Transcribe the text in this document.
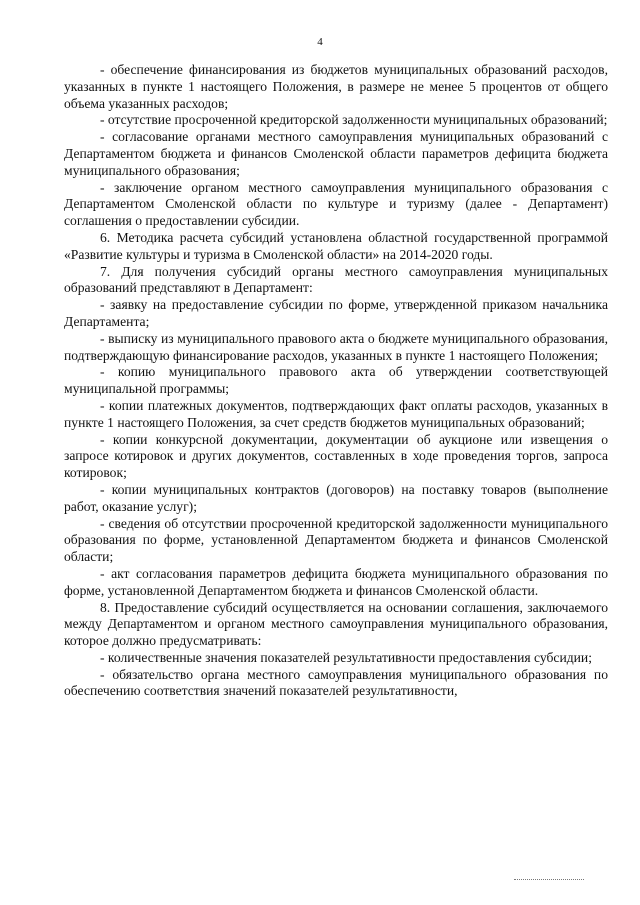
4

- обеспечение финансирования из бюджетов муниципальных образований расходов, указанных в пункте 1 настоящего Положения, в размере не менее 5 процентов от общего объема указанных расходов;

- отсутствие просроченной кредиторской задолженности муниципальных образований;

- согласование органами местного самоуправления муниципальных образований с Департаментом бюджета и финансов Смоленской области параметров дефицита бюджета муниципального образования;

- заключение органом местного самоуправления муниципального образования с Департаментом Смоленской области по культуре и туризму (далее - Департамент) соглашения о предоставлении субсидии.

6. Методика расчета субсидий установлена областной государственной программой «Развитие культуры и туризма в Смоленской области» на 2014-2020 годы.

7. Для получения субсидий органы местного самоуправления муниципальных образований представляют в Департамент:

- заявку на предоставление субсидии по форме, утвержденной приказом начальника Департамента;

- выписку из муниципального правового акта о бюджете муниципального образования, подтверждающую финансирование расходов, указанных в пункте 1 настоящего Положения;

- копию муниципального правового акта об утверждении соответствующей муниципальной программы;

- копии платежных документов, подтверждающих факт оплаты расходов, указанных в пункте 1 настоящего Положения, за счет средств бюджетов муниципальных образований;

- копии конкурсной документации, документации об аукционе или извещения о запросе котировок и других документов, составленных в ходе проведения торгов, запроса котировок;

- копии муниципальных контрактов (договоров) на поставку товаров (выполнение работ, оказание услуг);

- сведения об отсутствии просроченной кредиторской задолженности муниципального образования по форме, установленной Департаментом бюджета и финансов Смоленской области;

- акт согласования параметров дефицита бюджета муниципального образования по форме, установленной Департаментом бюджета и финансов Смоленской области.

8. Предоставление субсидий осуществляется на основании соглашения, заключаемого между Департаментом и органом местного самоуправления муниципального образования, которое должно предусматривать:

- количественные значения показателей результативности предоставления субсидии;

- обязательство органа местного самоуправления муниципального образования по обеспечению соответствия значений показателей результативности,
